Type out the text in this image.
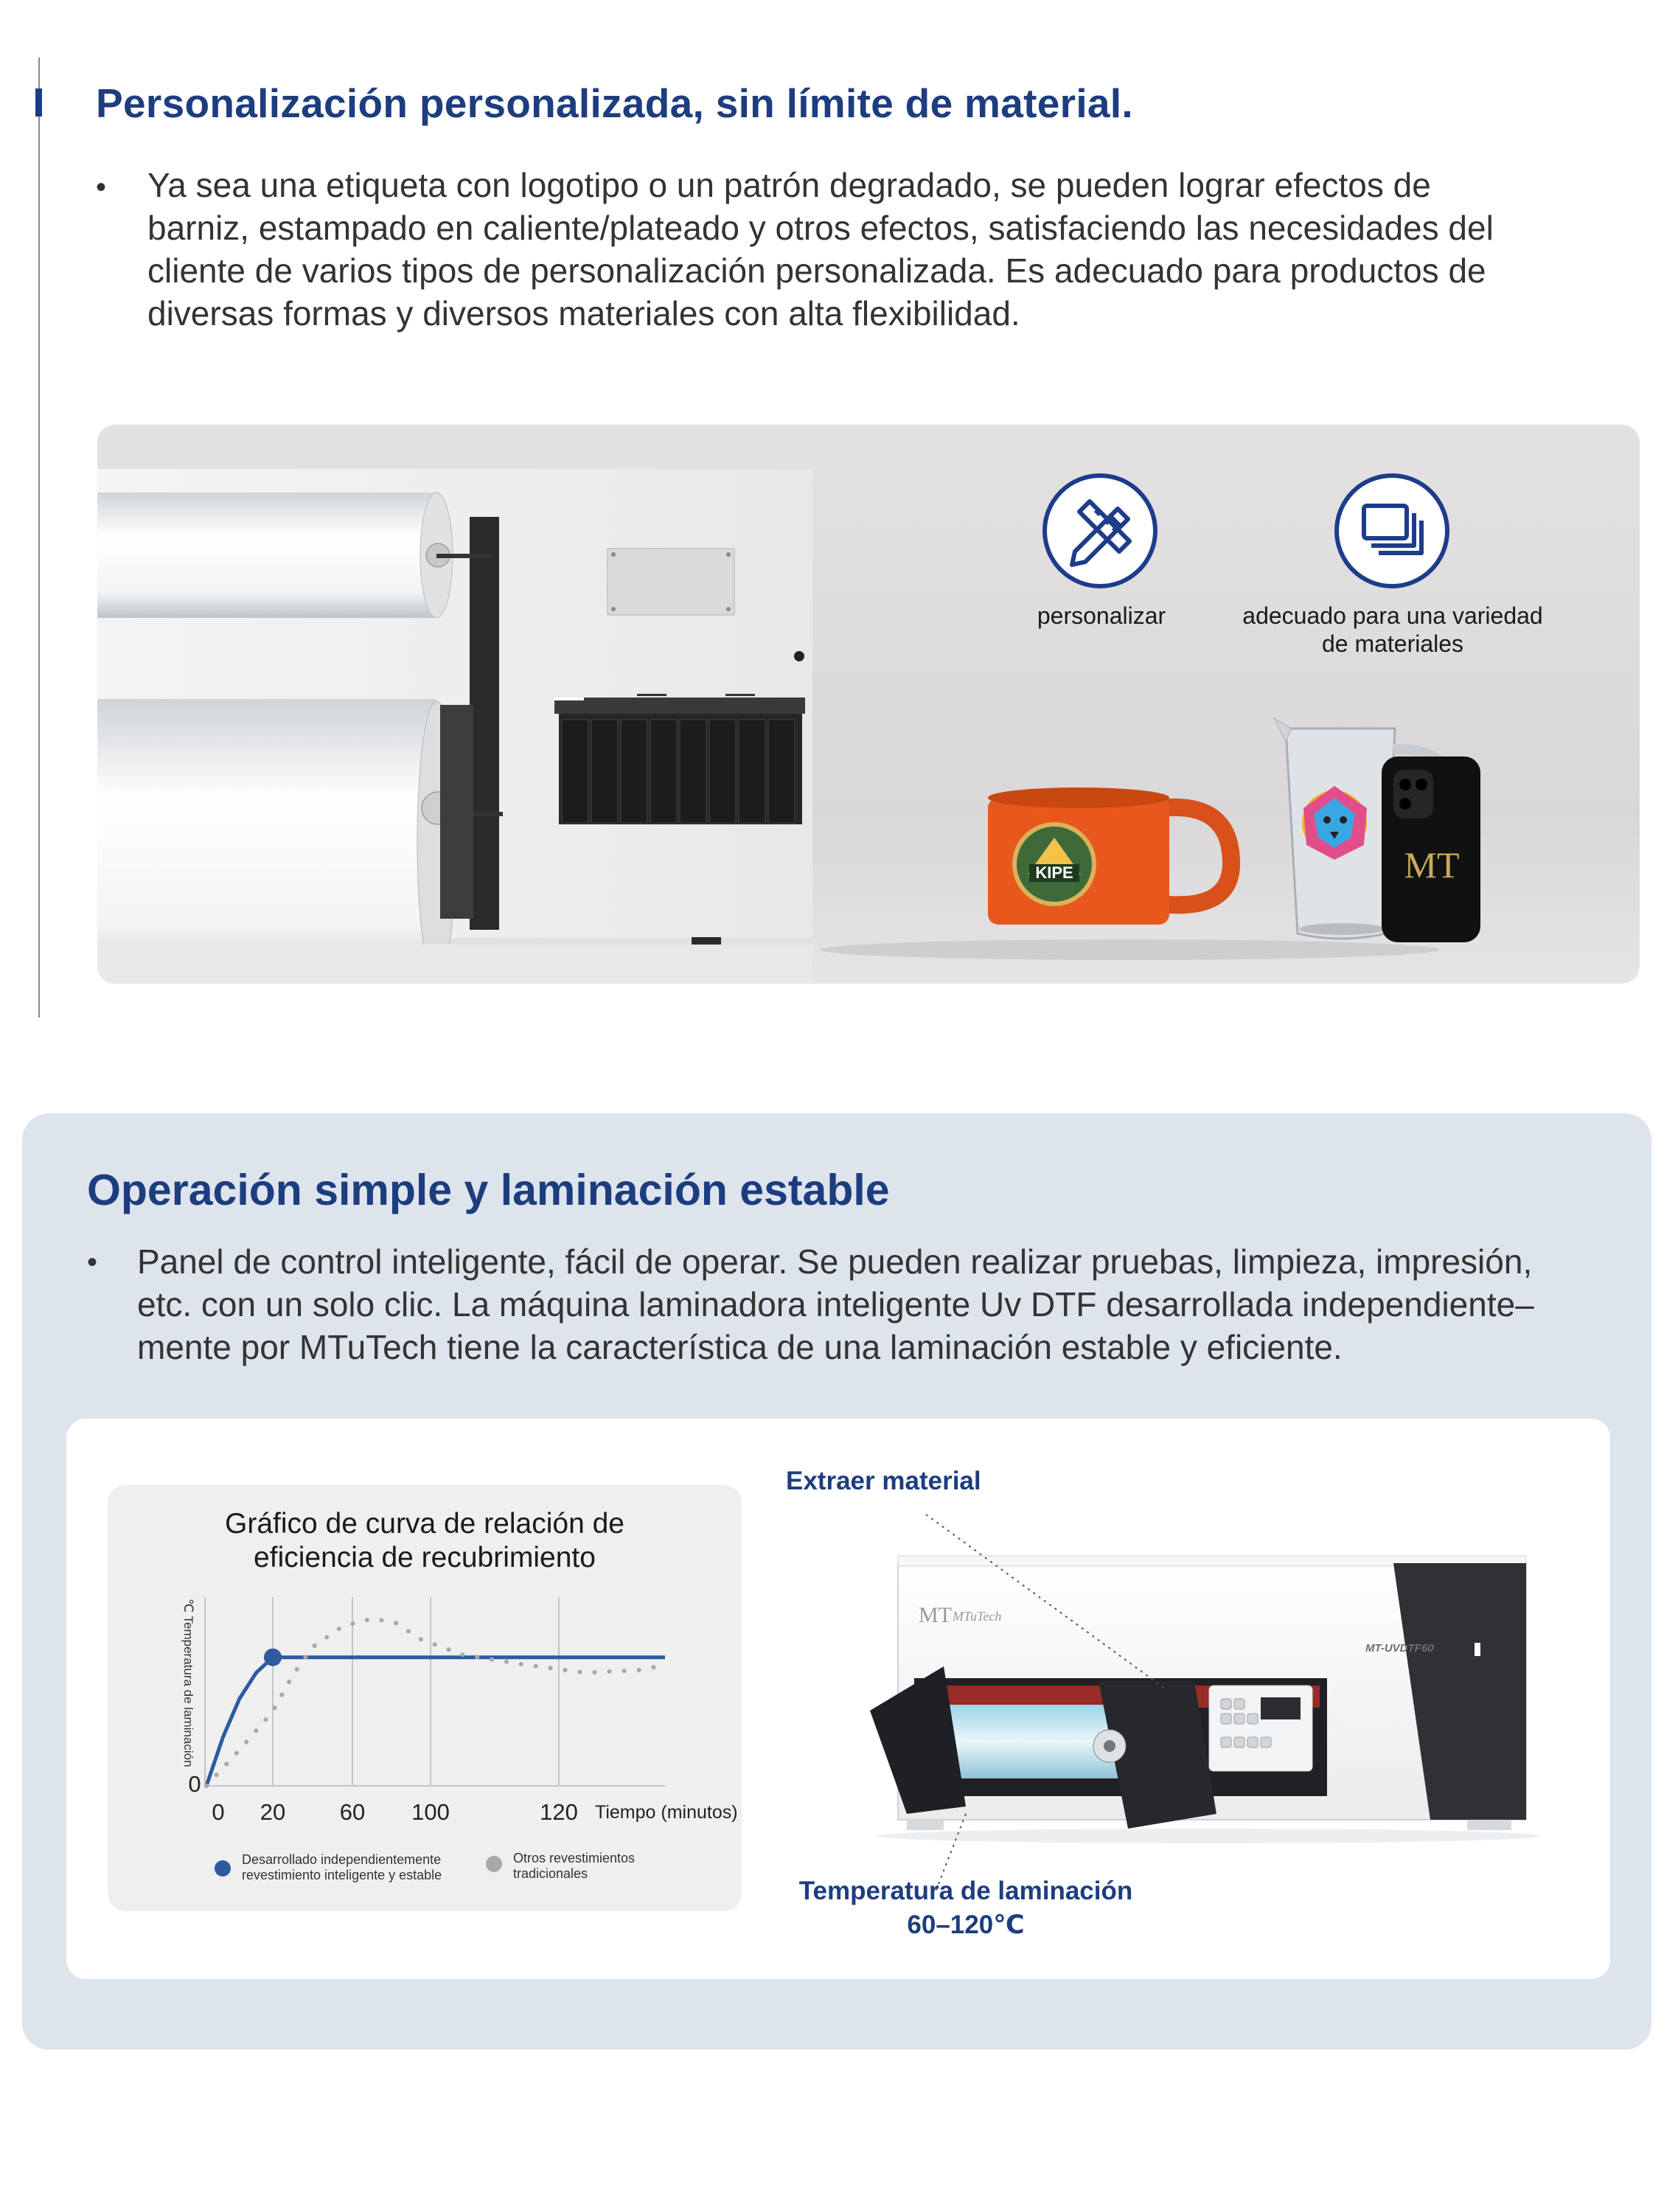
Personalización personalizada, sin límite de material.
• Ya sea una etiqueta con logotipo o un patrón degradado, se pueden lograr efectos de
barniz, estampado en caliente/plateado y otros efectos, satisfaciendo las necesidades del
cliente de varios tipos de personalización personalizada. Es adecuado para productos de
diversas formas y diversos materiales con alta flexibilidad.
KIPE	MT
personalizar	adecuado para una variedad
de materiales
Operación simple y laminación estable
• Panel de control inteligente, fácil de operar. Se pueden realizar pruebas, limpieza, impresión,
etc. con un solo clic. La máquina laminadora inteligente Uv DTF desarrollada independiente–
mente por MTuTech tiene la característica de una laminación estable y eficiente.
Gráfico de curva de relación de
eficiencia de recubrimiento
0 20 60 100	120
0
Tiempo (minutos)
℃ Temperatura de laminación
Desarrollado independientemente
revestimiento inteligente y estable
Otros revestimientos
tradicionales
MT MTuTech
MT-UVDTF60
Extraer material
Temperatura de laminación
60–120℃
